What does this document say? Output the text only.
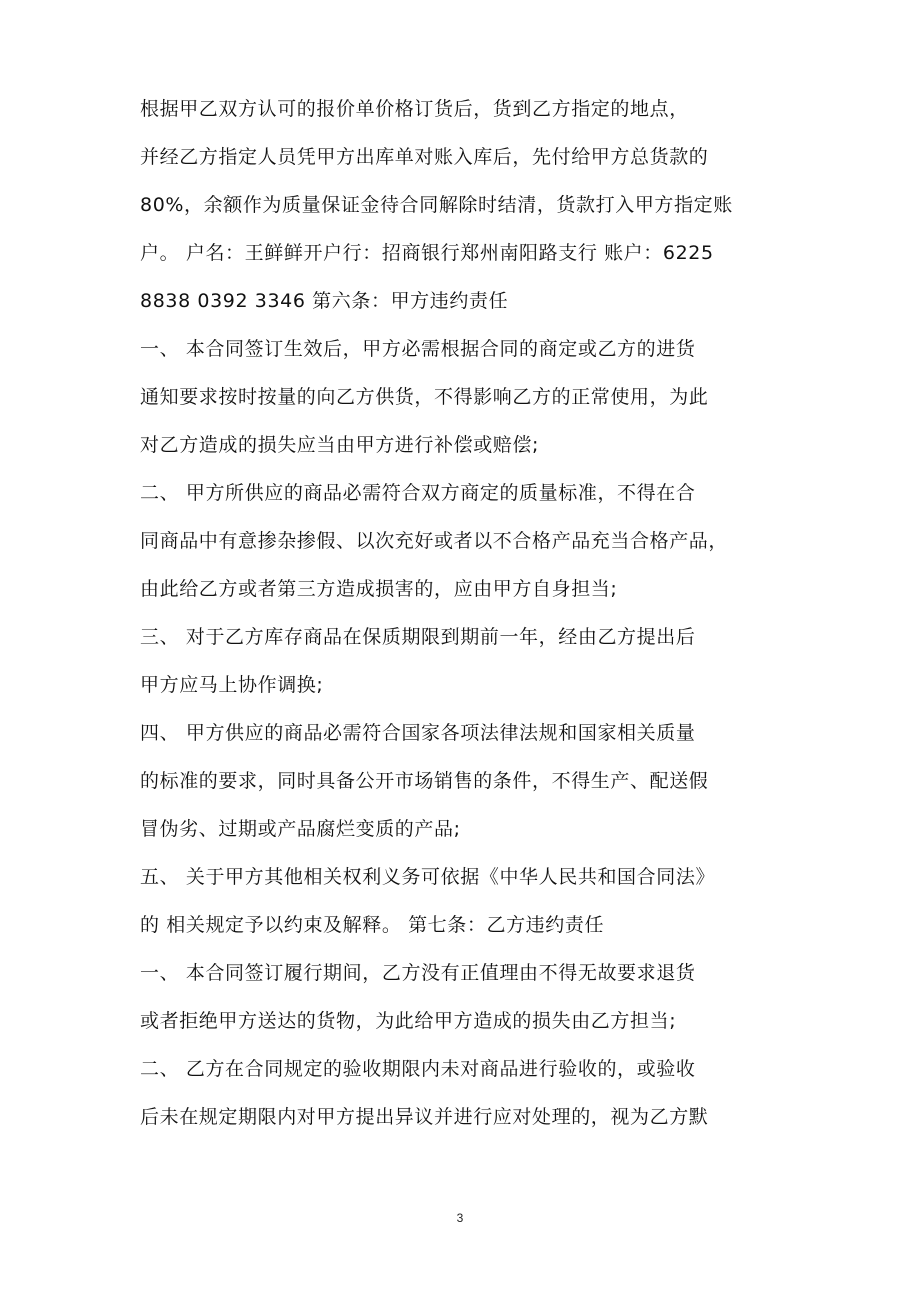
根据甲乙双方认可的报价单价格订货后，货到乙方指定的地点，
并经乙方指定人员凭甲方出库单对账入库后，先付给甲方总货款的
80%，余额作为质量保证金待合同解除时结清，货款打入甲方指定账
户。 户名：王鲜鲜开户行：招商银行郑州南阳路支行 账户：6225
8838 0392 3346 第六条：甲方违约责任
一、 本合同签订生效后，甲方必需根据合同的商定或乙方的进货
通知要求按时按量的向乙方供货，不得影响乙方的正常使用，为此
对乙方造成的损失应当由甲方进行补偿或赔偿;
二、 甲方所供应的商品必需符合双方商定的质量标准，不得在合
同商品中有意掺杂掺假、以次充好或者以不合格产品充当合格产品，
由此给乙方或者第三方造成损害的，应由甲方自身担当;
三、 对于乙方库存商品在保质期限到期前一年，经由乙方提出后
甲方应马上协作调换;
四、 甲方供应的商品必需符合国家各项法律法规和国家相关质量
的标准的要求，同时具备公开市场销售的条件，不得生产、配送假
冒伪劣、过期或产品腐烂变质的产品;
五、 关于甲方其他相关权利义务可依据《中华人民共和国合同法》
的 相关规定予以约束及解释。 第七条：乙方违约责任
一、 本合同签订履行期间，乙方没有正值理由不得无故要求退货
或者拒绝甲方送达的货物，为此给甲方造成的损失由乙方担当;
二、 乙方在合同规定的验收期限内未对商品进行验收的，或验收
后未在规定期限内对甲方提出异议并进行应对处理的，视为乙方默
3
